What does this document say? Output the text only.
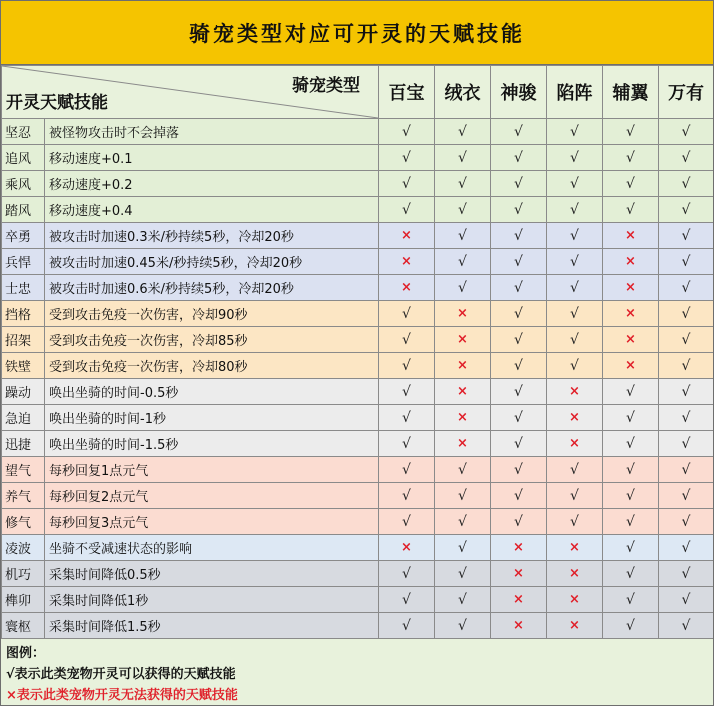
骑宠类型对应可开灵的天赋技能
骑宠类型
开灵天赋技能		百宝	绒衣	神骏	陷阵	辅翼	万有
坚忍	被怪物攻击时不会掉落	√	√	√	√	√	√
追风	移动速度+0.1	√	√	√	√	√	√
乘风	移动速度+0.2	√	√	√	√	√	√
踏风	移动速度+0.4	√	√	√	√	√	√
卒勇	被攻击时加速0.3米/秒持续5秒，冷却20秒	×	√	√	√	×	√
兵悍	被攻击时加速0.45米/秒持续5秒，冷却20秒	×	√	√	√	×	√
士忠	被攻击时加速0.6米/秒持续5秒，冷却20秒	×	√	√	√	×	√
挡格	受到攻击免疫一次伤害，冷却90秒	√	×	√	√	×	√
招架	受到攻击免疫一次伤害，冷却85秒	√	×	√	√	×	√
铁壁	受到攻击免疫一次伤害，冷却80秒	√	×	√	√	×	√
躁动	唤出坐骑的时间-0.5秒	√	×	√	×	√	√
急迫	唤出坐骑的时间-1秒	√	×	√	×	√	√
迅捷	唤出坐骑的时间-1.5秒	√	×	√	×	√	√
望气	每秒回复1点元气	√	√	√	√	√	√
养气	每秒回复2点元气	√	√	√	√	√	√
修气	每秒回复3点元气	√	√	√	√	√	√
凌波	坐骑不受减速状态的影响	×	√	×	×	√	√
机巧	采集时间降低0.5秒	√	√	×	×	√	√
榫卯	采集时间降低1秒	√	√	×	×	√	√
寰枢	采集时间降低1.5秒	√	√	×	×	√	√
图例：
√表示此类宠物开灵可以获得的天赋技能
×表示此类宠物开灵无法获得的天赋技能
